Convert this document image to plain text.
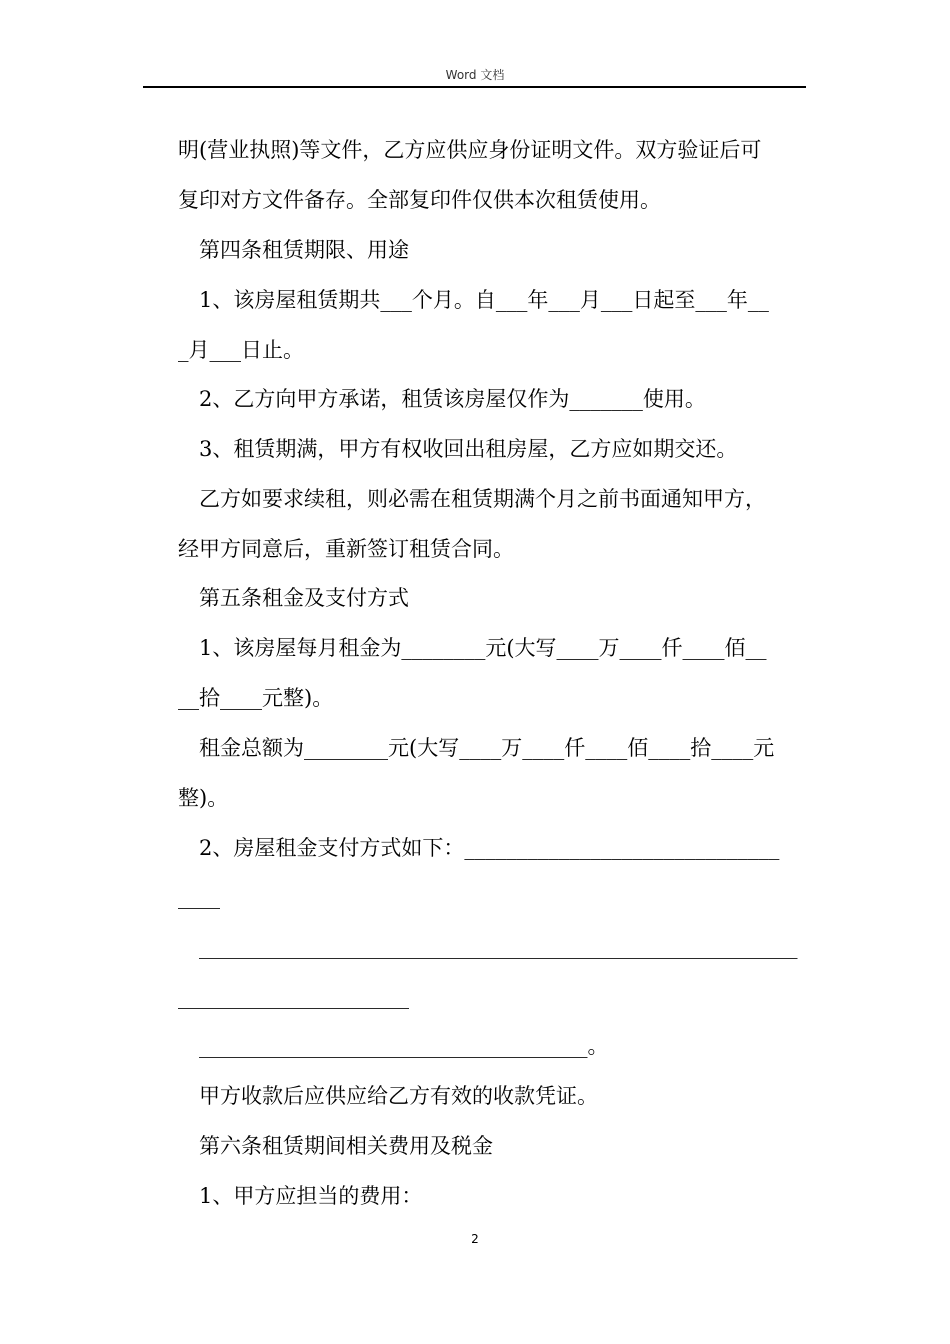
Word 文档
明(营业执照)等文件，乙方应供应身份证明文件。双方验证后可
复印对方文件备存。全部复印件仅供本次租赁使用。
第四条租赁期限、用途
1、该房屋租赁期共___个月。自___年___月___日起至___年__
_月___日止。
2、乙方向甲方承诺，租赁该房屋仅作为_______使用。
3、租赁期满，甲方有权收回出租房屋，乙方应如期交还。
乙方如要求续租，则必需在租赁期满个月之前书面通知甲方，
经甲方同意后，重新签订租赁合同。
第五条租金及支付方式
1、该房屋每月租金为________元(大写____万____仟____佰__
__拾____元整)。
租金总额为________元(大写____万____仟____佰____拾____元
整)。
2、房屋租金支付方式如下：______________________________
____
_________________________________________________________
______________________
_____________________________________。
甲方收款后应供应给乙方有效的收款凭证。
第六条租赁期间相关费用及税金
1、甲方应担当的费用：
2
